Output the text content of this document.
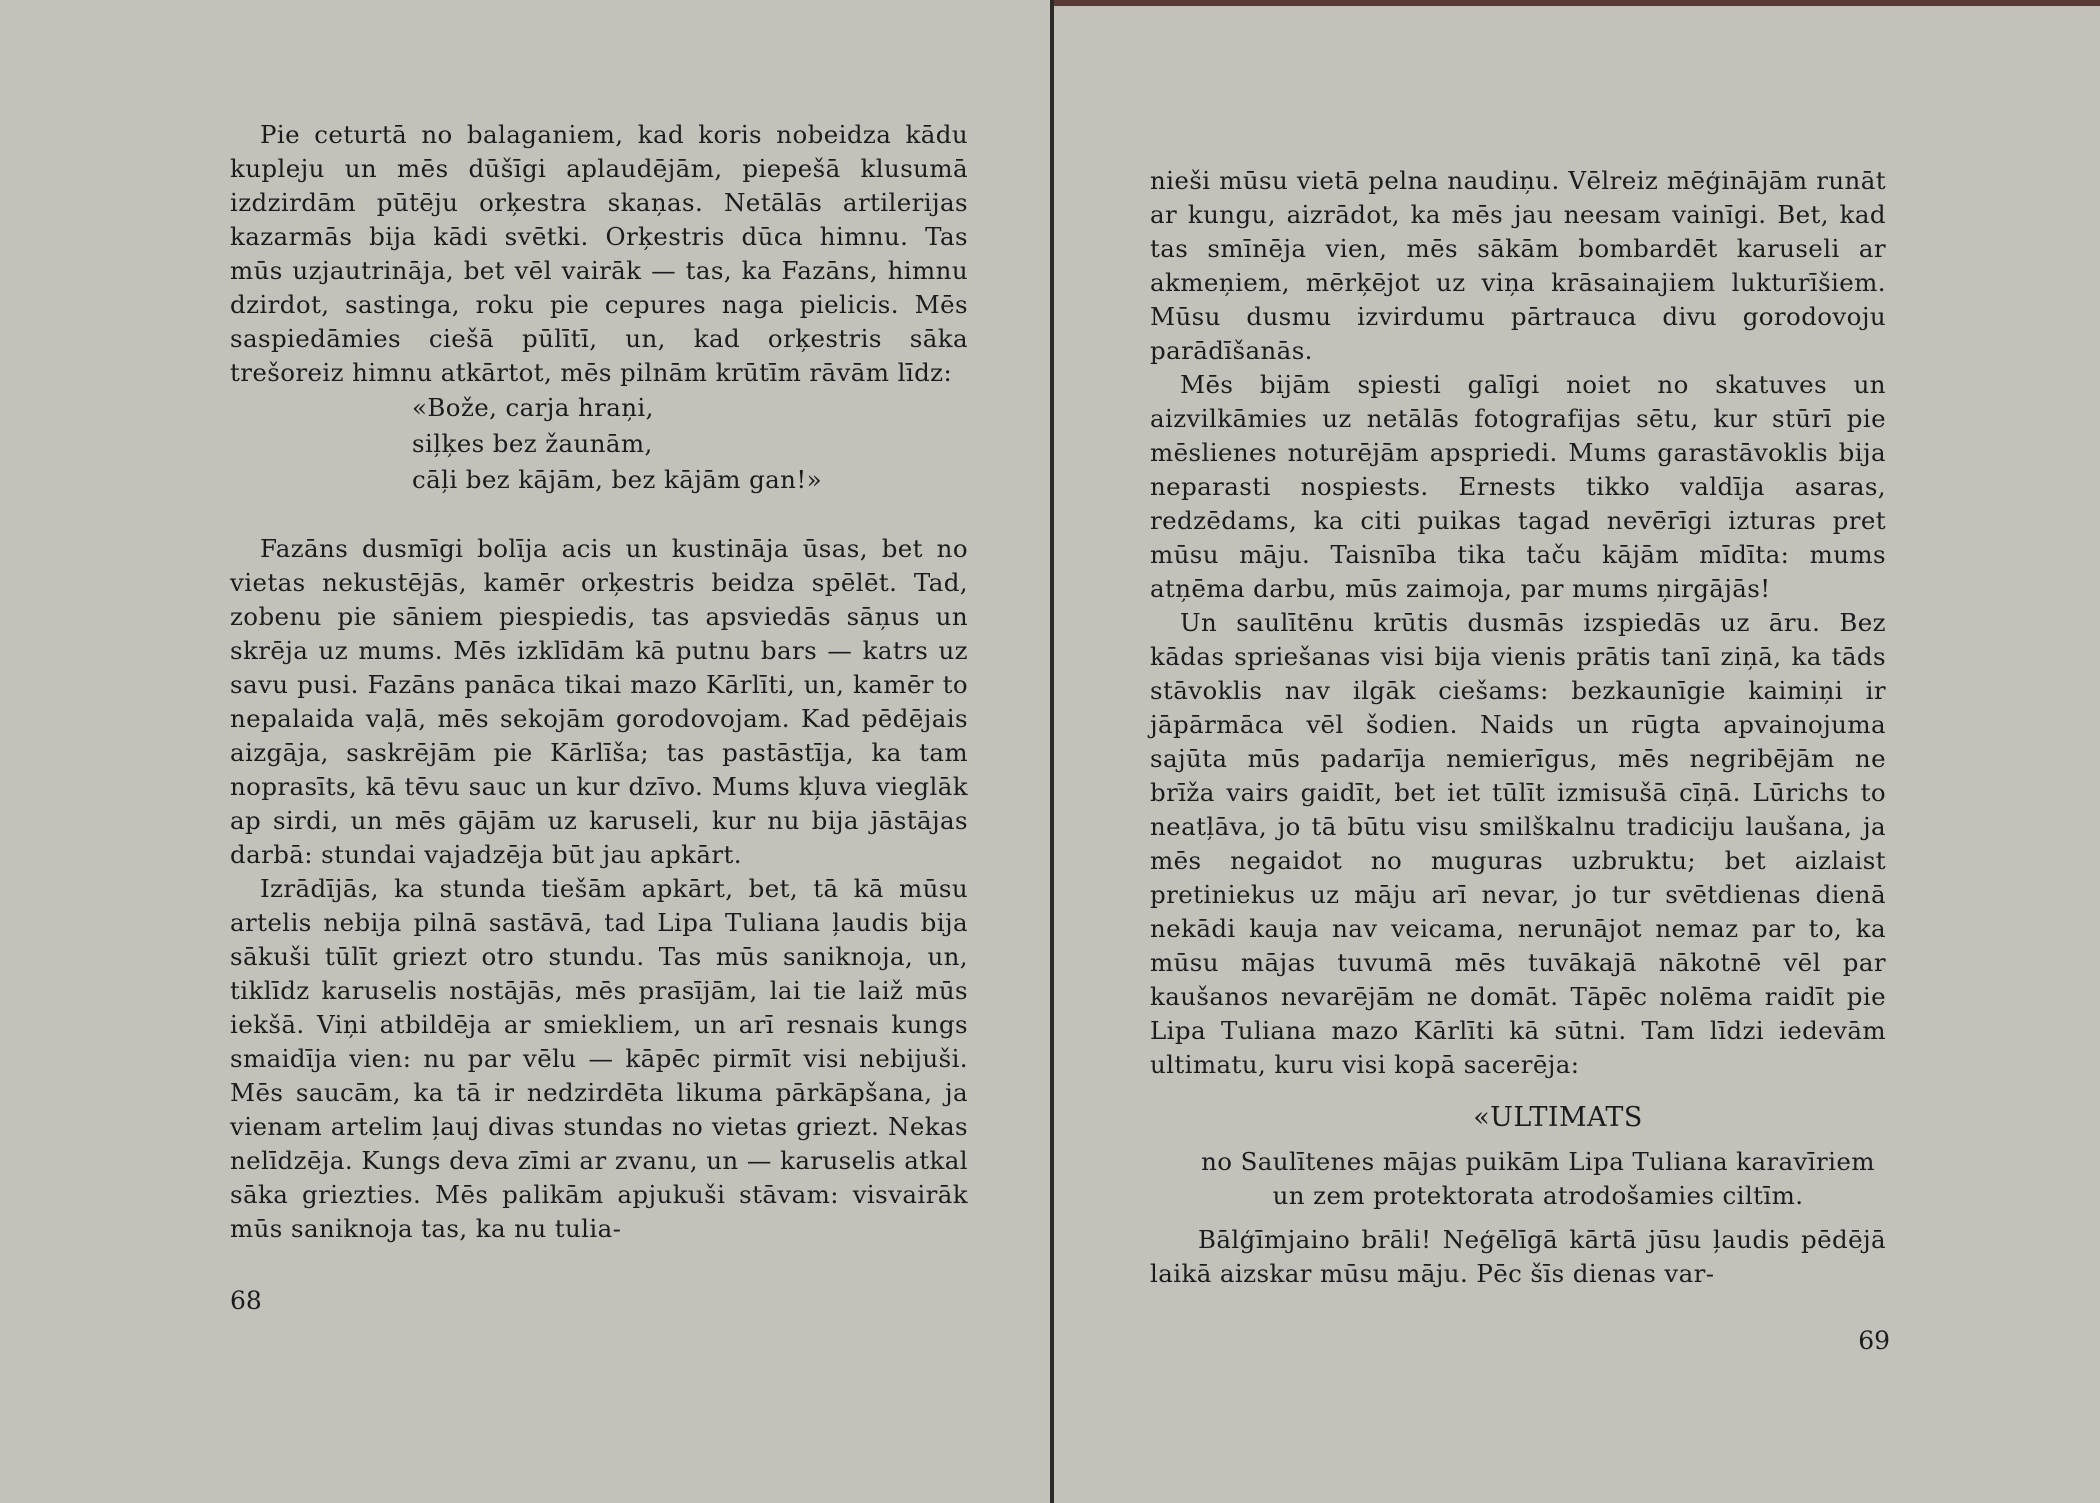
Pie ceturtā no balaganiem, kad koris nobeidza kādu kupleju un mēs dūšīgi aplaudējām, piepešā klusumā izdzirdām pūtēju orķestra skaņas. Netālās artilerijas kazarmās bija kādi svētki. Orķestris dūca himnu. Tas mūs uzjautrināja, bet vēl vairāk — tas, ka Fazāns, himnu dzirdot, sastinga, roku pie cepures naga pielicis. Mēs saspiedāmies ciešā pūlītī, un, kad orķestris sāka trešoreiz himnu atkārtot, mēs pilnām krūtīm rāvām līdz:

«Bože, carja hraņi,
siļķes bez žaunām,
cāļi bez kājām, bez kājām gan!»

Fazāns dusmīgi bolīja acis un kustināja ūsas, bet no vietas nekustējās, kamēr orķestris beidza spēlēt. Tad, zobenu pie sāniem piespiedis, tas apsviedās sāņus un skrēja uz mums. Mēs izklīdām kā putnu bars — katrs uz savu pusi. Fazāns panāca tikai mazo Kārlīti, un, kamēr to nepalaida vaļā, mēs sekojām gorodovojam. Kad pēdējais aizgāja, saskrējām pie Kārlīša; tas pastāstīja, ka tam noprasīts, kā tēvu sauc un kur dzīvo. Mums kļuva vieglāk ap sirdi, un mēs gājām uz karuseli, kur nu bija jāstājas darbā: stundai vajadzēja būt jau apkārt.

Izrādījās, ka stunda tiešām apkārt, bet, tā kā mūsu artelis nebija pilnā sastāvā, tad Lipa Tuliana ļaudis bija sākuši tūlīt griezt otro stundu. Tas mūs saniknoja, un, tiklīdz karuselis nostājās, mēs prasījām, lai tie laiž mūs iekšā. Viņi atbildēja ar smiekliem, un arī resnais kungs smaidīja vien: nu par vēlu — kāpēc pirmīt visi nebijuši. Mēs saucām, ka tā ir nedzirdēta likuma pārkāpšana, ja vienam artelim ļauj divas stundas no vietas griezt. Nekas nelīdzēja. Kungs deva zīmi ar zvanu, un — karuselis atkal sāka griezties. Mēs palikām apjukuši stāvam: visvairāk mūs saniknoja tas, ka nu tulia-

68

nieši mūsu vietā pelna naudiņu. Vēlreiz mēģinājām runāt ar kungu, aizrādot, ka mēs jau neesam vainīgi. Bet, kad tas smīnēja vien, mēs sākām bombardēt karuseli ar akmeņiem, mērķējot uz viņa krāsainajiem lukturīšiem. Mūsu dusmu izvirdumu pārtrauca divu gorodovoju parādīšanās.

Mēs bijām spiesti galīgi noiet no skatuves un aizvilkāmies uz netālās fotografijas sētu, kur stūrī pie mēslienes noturējām apspriedi. Mums garastāvoklis bija neparasti nospiests. Ernests tikko valdīja asaras, redzēdams, ka citi puikas tagad nevērīgi izturas pret mūsu māju. Taisnība tika taču kājām mīdīta: mums atņēma darbu, mūs zaimoja, par mums ņirgājās!

Un saulītēnu krūtis dusmās izspiedās uz āru. Bez kādas spriešanas visi bija vienis prātis tanī ziņā, ka tāds stāvoklis nav ilgāk ciešams: bezkaunīgie kaimiņi ir jāpārmāca vēl šodien. Naids un rūgta apvainojuma sajūta mūs padarīja nemierīgus, mēs negribējām ne brīža vairs gaidīt, bet iet tūlīt izmisušā cīņā. Lūrichs to neatļāva, jo tā būtu visu smilškalnu tradiciju laušana, ja mēs negaidot no muguras uzbruktu; bet aizlaist pretiniekus uz māju arī nevar, jo tur svētdienas dienā nekādi kauja nav veicama, nerunājot nemaz par to, ka mūsu mājas tuvumā mēs tuvākajā nākotnē vēl par kaušanos nevarējām ne domāt. Tāpēc nolēma raidīt pie Lipa Tuliana mazo Kārlīti kā sūtni. Tam līdzi iedevām ultimatu, kuru visi kopā sacerēja:

«ULTIMATS
no Saulītenes mājas puikām Lipa Tuliana karavīriem
un zem protektorata atrodošamies ciltīm.

Bālģīmjaino brāli! Neģēlīgā kārtā jūsu ļaudis pēdējā laikā aizskar mūsu māju. Pēc šīs dienas var-

69
